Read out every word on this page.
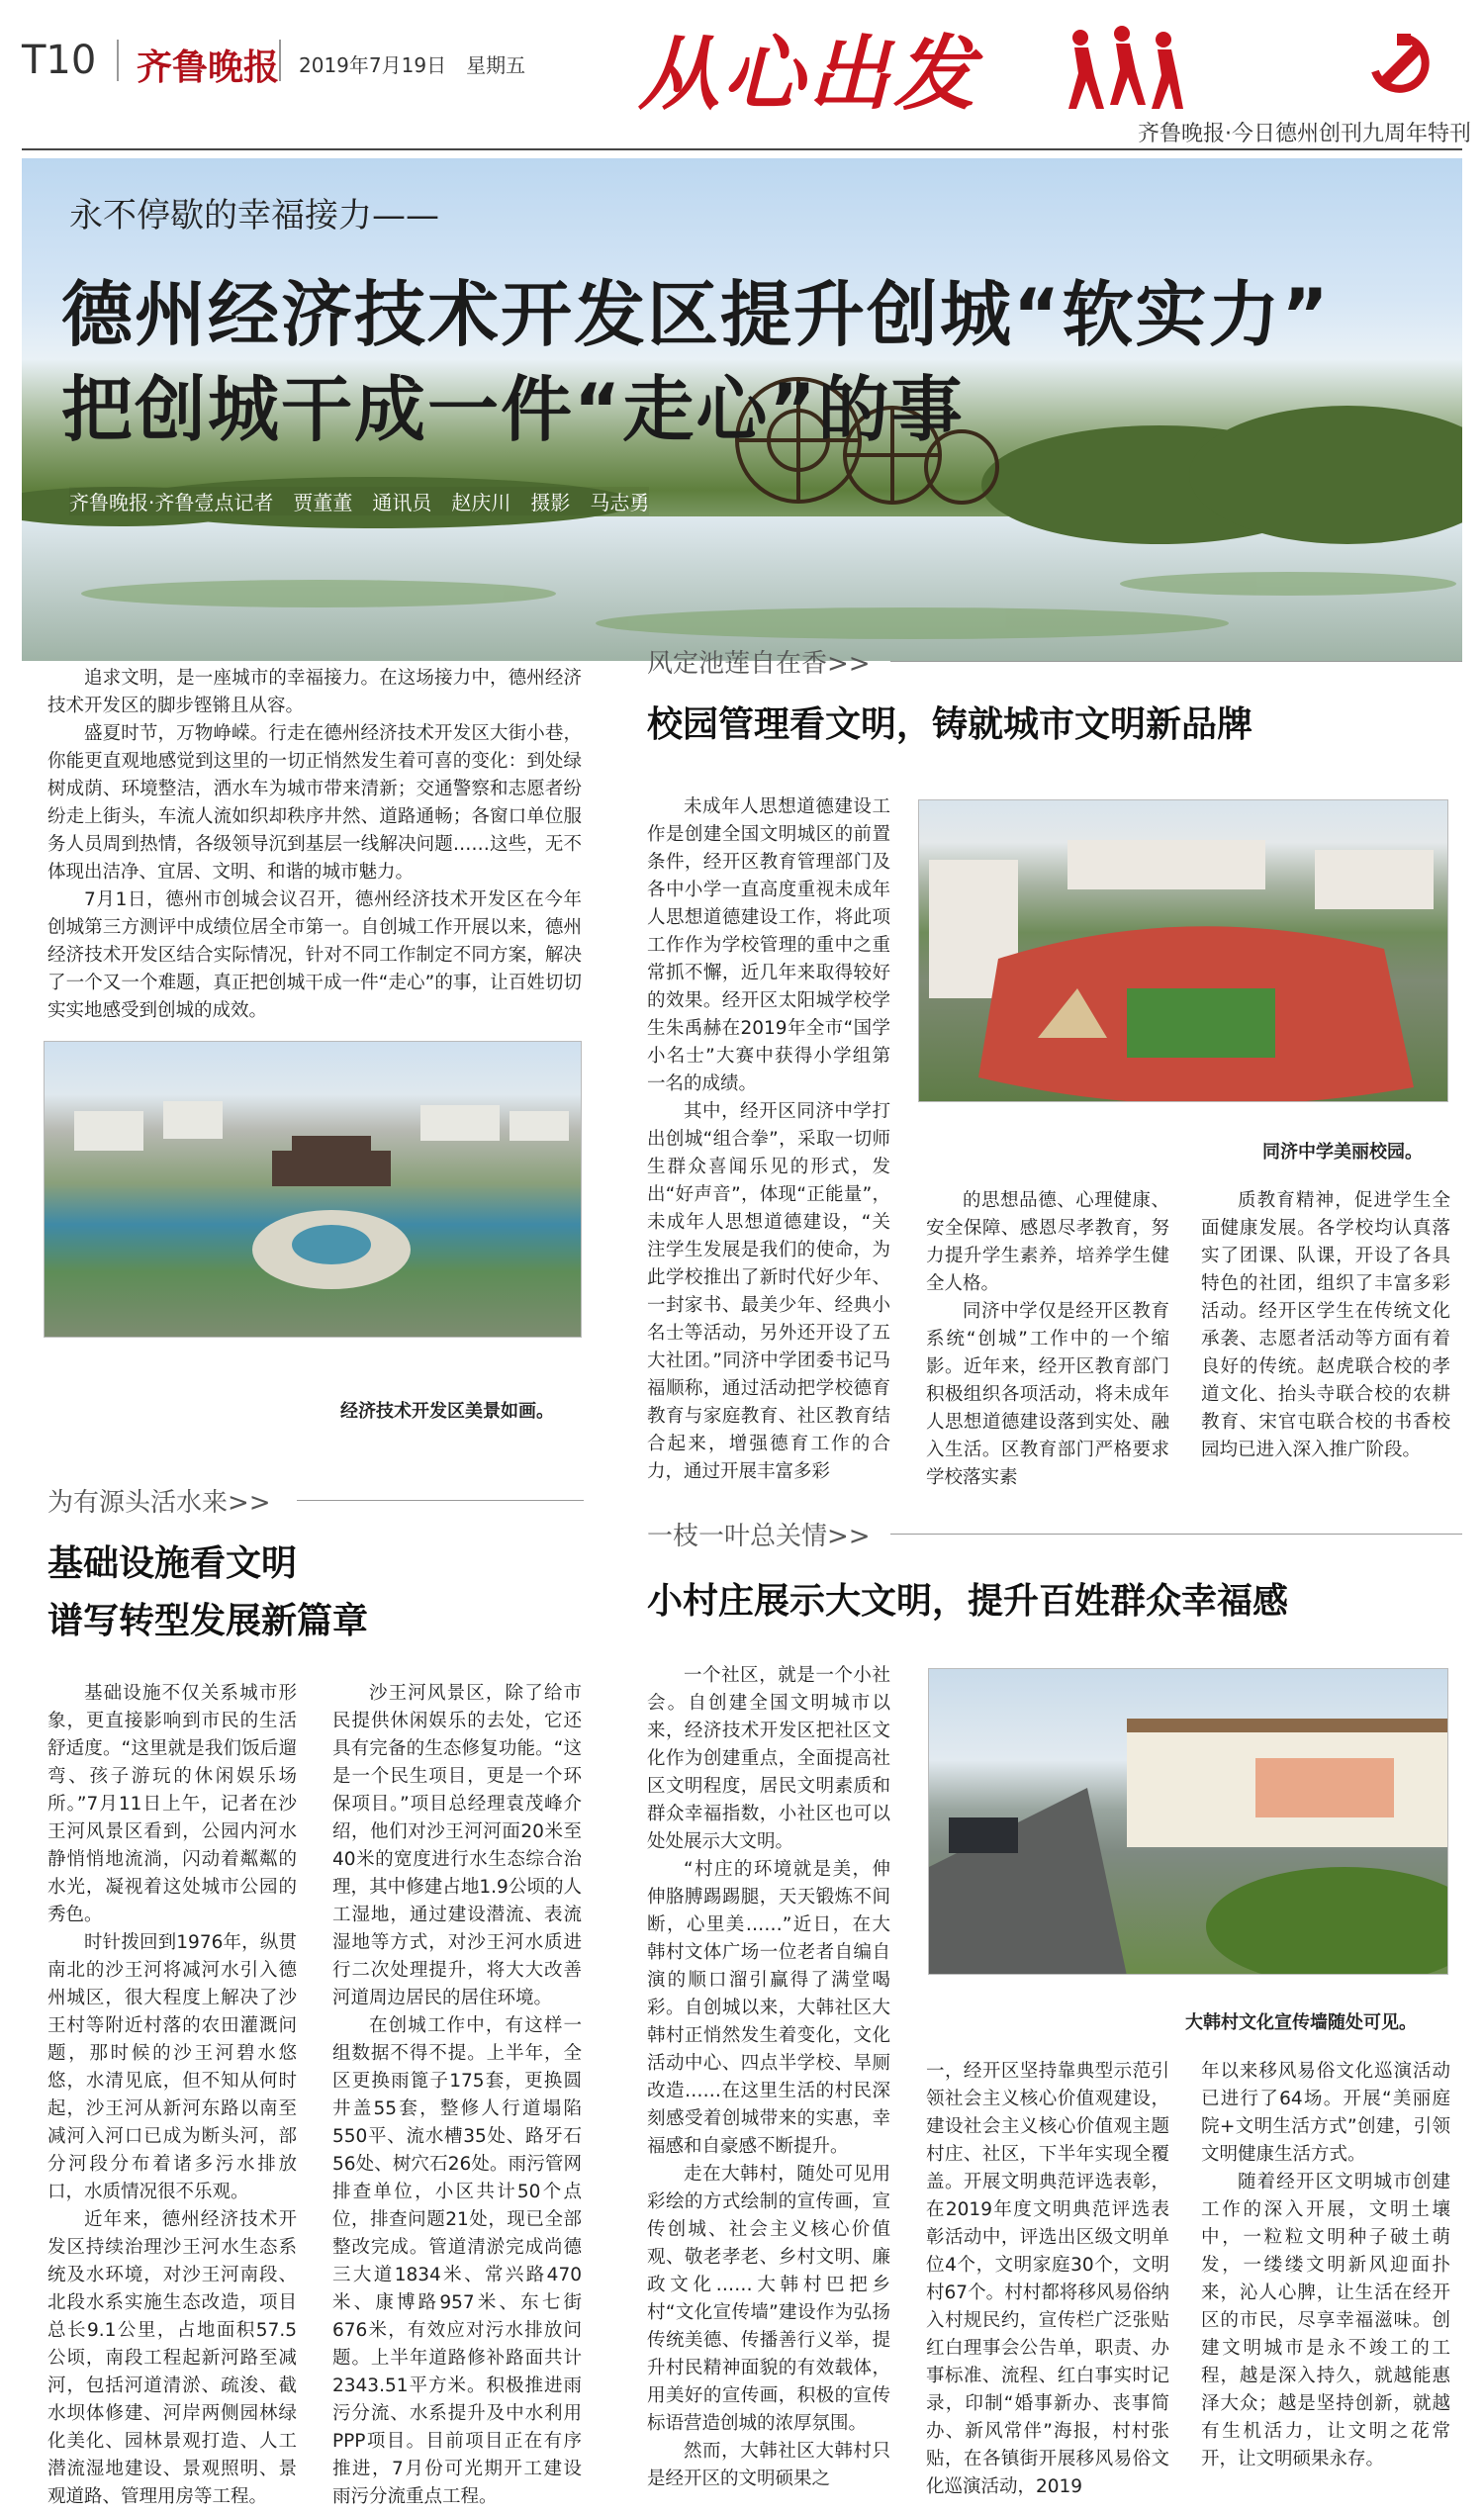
T10 齐鲁晚报 2019年7月19日　星期五 从心出发
齐鲁晚报·今日德州创刊九周年特刊
永不停歇的幸福接力——
德州经济技术开发区提升创城“软实力”
把创城干成一件“走心”的事
齐鲁晚报·齐鲁壹点记者　贾董董　通讯员　赵庆川　摄影　马志勇

追求文明，是一座城市的幸福接力。在这场接力中，德州经济技术开发区的脚步铿锵且从容。

盛夏时节，万物峥嵘。行走在德州经济技术开发区大街小巷，你能更直观地感觉到这里的一切正悄然发生着可喜的变化：到处绿树成荫、环境整洁，洒水车为城市带来清新；交通警察和志愿者纷纷走上街头，车流人流如织却秩序井然、道路通畅；各窗口单位服务人员周到热情，各级领导沉到基层一线解决问题……这些，无不体现出洁净、宜居、文明、和谐的城市魅力。

7月1日，德州市创城会议召开，德州经济技术开发区在今年创城第三方测评中成绩位居全市第一。自创城工作开展以来，德州经济技术开发区结合实际情况，针对不同工作制定不同方案，解决了一个又一个难题，真正把创城干成一件“走心”的事，让百姓切切实实地感受到创城的成效。

经济技术开发区美景如画。
风定池莲自在香>>
校园管理看文明，铸就城市文明新品牌

未成年人思想道德建设工作是创建全国文明城区的前置条件，经开区教育管理部门及各中小学一直高度重视未成年人思想道德建设工作，将此项工作作为学校管理的重中之重常抓不懈，近几年来取得较好的效果。经开区太阳城学校学生朱禹赫在2019年全市“国学小名士”大赛中获得小学组第一名的成绩。

其中，经开区同济中学打出创城“组合拳”，采取一切师生群众喜闻乐见的形式，发出“好声音”，体现“正能量”，未成年人思想道德建设，“关注学生发展是我们的使命，为此学校推出了新时代好少年、一封家书、最美少年、经典小名士等活动，另外还开设了五大社团。”同济中学团委书记马福顺称，通过活动把学校德育教育与家庭教育、社区教育结合起来，增强德育工作的合力，通过开展丰富多彩

同济中学美丽校园。

的思想品德、心理健康、安全保障、感恩尽孝教育，努力提升学生素养，培养学生健全人格。

同济中学仅是经开区教育系统“创城”工作中的一个缩影。近年来，经开区教育部门积极组织各项活动，将未成年人思想道德建设落到实处、融入生活。区教育部门严格要求学校落实素

质教育精神，促进学生全面健康发展。各学校均认真落实了团课、队课，开设了各具特色的社团，组织了丰富多彩活动。经开区学生在传统文化承袭、志愿者活动等方面有着良好的传统。赵虎联合校的孝道文化、抬头寺联合校的农耕教育、宋官屯联合校的书香校园均已进入深入推广阶段。

为有源头活水来>>
基础设施看文明
谱写转型发展新篇章

基础设施不仅关系城市形象，更直接影响到市民的生活舒适度。“这里就是我们饭后遛弯、孩子游玩的休闲娱乐场所。”7月11日上午，记者在沙王河风景区看到，公园内河水静悄悄地流淌，闪动着粼粼的水光，凝视着这处城市公园的秀色。

时针拨回到1976年，纵贯南北的沙王河将减河水引入德州城区，很大程度上解决了沙王村等附近村落的农田灌溉问题，那时候的沙王河碧水悠悠，水清见底，但不知从何时起，沙王河从新河东路以南至减河入河口已成为断头河，部分河段分布着诸多污水排放口，水质情况很不乐观。

近年来，德州经济技术开发区持续治理沙王河水生态系统及水环境，对沙王河南段、北段水系实施生态改造，项目总长9.1公里，占地面积57.5公顷，南段工程起新河路至减河，包括河道清淤、疏浚、截水坝体修建、河岸两侧园林绿化美化、园林景观打造、人工潜流湿地建设、景观照明、景观道路、管理用房等工程。

沙王河风景区，除了给市民提供休闲娱乐的去处，它还具有完备的生态修复功能。“这是一个民生项目，更是一个环保项目。”项目总经理袁茂峰介绍，他们对沙王河河面20米至40米的宽度进行水生态综合治理，其中修建占地1.9公顷的人工湿地，通过建设潜流、表流湿地等方式，对沙王河水质进行二次处理提升，将大大改善河道周边居民的居住环境。

在创城工作中，有这样一组数据不得不提。上半年，全区更换雨篦子175套，更换圆井盖55套，整修人行道塌陷550平、流水槽35处、路牙石56处、树穴石26处。雨污管网排查单位，小区共计50个点位，排查问题21处，现已全部整改完成。管道清淤完成尚德三大道1834米、常兴路470米、康博路957米、东七街676米，有效应对污水排放问题。上半年道路修补路面共计2343.51平方米。积极推进雨污分流、水系提升及中水利用PPP项目。目前项目正在有序推进，7月份可光期开工建设雨污分流重点工程。

一枝一叶总关情>>
小村庄展示大文明，提升百姓群众幸福感

一个社区，就是一个小社会。自创建全国文明城市以来，经济技术开发区把社区文化作为创建重点，全面提高社区文明程度，居民文明素质和群众幸福指数，小社区也可以处处展示大文明。

“村庄的环境就是美，伸伸胳膊踢踢腿，天天锻炼不间断，心里美……”近日，在大韩村文体广场一位老者自编自演的顺口溜引赢得了满堂喝彩。自创城以来，大韩社区大韩村正悄然发生着变化，文化活动中心、四点半学校、旱厕改造……在这里生活的村民深刻感受着创城带来的实惠，幸福感和自豪感不断提升。

走在大韩村，随处可见用彩绘的方式绘制的宣传画，宣传创城、社会主义核心价值观、敬老孝老、乡村文明、廉政文化……大韩村巴把乡村“文化宣传墙”建设作为弘扬传统美德、传播善行义举，提升村民精神面貌的有效载体，用美好的宣传画，积极的宣传标语营造创城的浓厚氛围。

然而，大韩社区大韩村只是经开区的文明硕果之

大韩村文化宣传墙随处可见。

一，经开区坚持靠典型示范引领社会主义核心价值观建设，建设社会主义核心价值观主题村庄、社区，下半年实现全覆盖。开展文明典范评选表彰，在2019年度文明典范评选表彰活动中，评选出区级文明单位4个，文明家庭30个，文明村67个。村村都将移风易俗纳入村规民约，宣传栏广泛张贴红白理事会公告单，职责、办事标准、流程、红白事实时记录，印制“婚事新办、丧事简办、新风常伴”海报，村村张贴，在各镇街开展移风易俗文化巡演活动，2019

年以来移风易俗文化巡演活动已进行了64场。开展“美丽庭院+文明生活方式”创建，引领文明健康生活方式。

随着经开区文明城市创建工作的深入开展，文明土壤中，一粒粒文明种子破土萌发，一缕缕文明新风迎面扑来，沁人心脾，让生活在经开区的市民，尽享幸福滋味。创建文明城市是永不竣工的工程，越是深入持久，就越能惠泽大众；越是坚持创新，就越有生机活力，让文明之花常开，让文明硕果永存。
